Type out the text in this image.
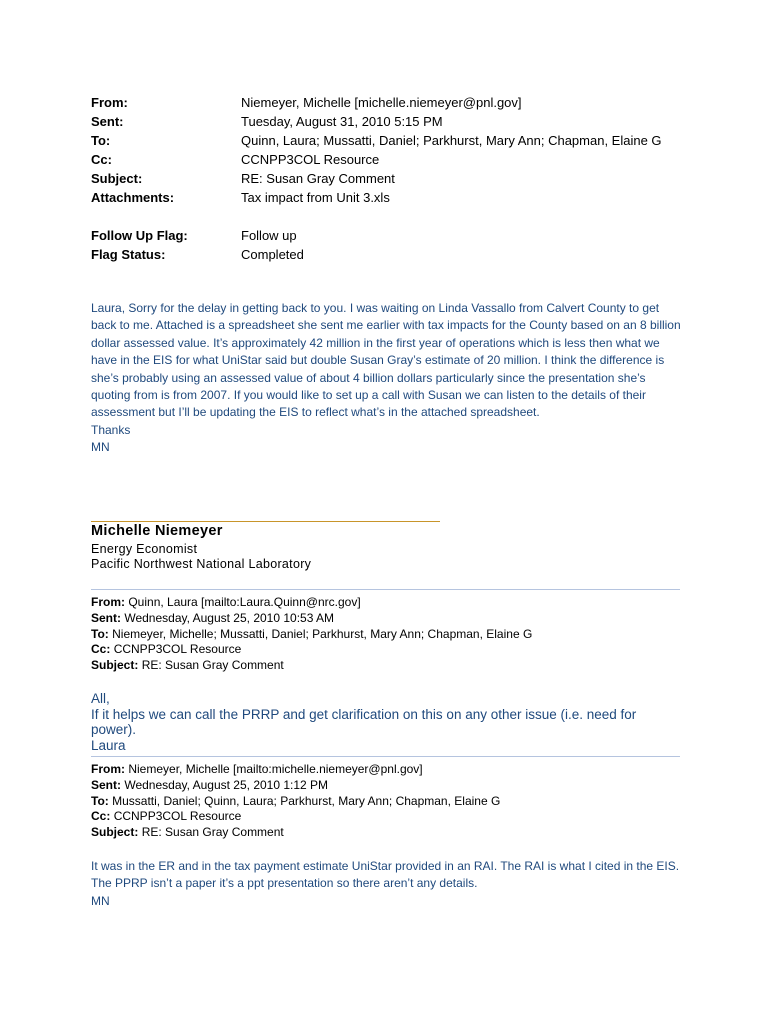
From:	Niemeyer, Michelle [michelle.niemeyer@pnl.gov]
Sent:	Tuesday, August 31, 2010 5:15 PM
To:	Quinn, Laura; Mussatti, Daniel; Parkhurst, Mary Ann; Chapman, Elaine G
Cc:	CCNPP3COL Resource
Subject:	RE: Susan Gray Comment
Attachments:	Tax impact from Unit 3.xls
Follow Up Flag:	Follow up
Flag Status:	Completed
Laura, Sorry for the delay in getting back to you. I was waiting on Linda Vassallo from Calvert County to get back to me. Attached is a spreadsheet she sent me earlier with tax impacts for the County based on an 8 billion dollar assessed value. It’s approximately 42 million in the first year of operations which is less then what we have in the EIS for what UniStar said but double Susan Gray’s estimate of 20 million. I think the difference is she’s probably using an assessed value of about 4 billion dollars particularly since the presentation she’s quoting from is from 2007. If you would like to set up a call with Susan we can listen to the details of their assessment but I’ll be updating the EIS to reflect what’s in the attached spreadsheet.
Thanks
MN
Michelle Niemeyer
Energy Economist
Pacific Northwest National Laboratory
From: Quinn, Laura [mailto:Laura.Quinn@nrc.gov]
Sent: Wednesday, August 25, 2010 10:53 AM
To: Niemeyer, Michelle; Mussatti, Daniel; Parkhurst, Mary Ann; Chapman, Elaine G
Cc: CCNPP3COL Resource
Subject: RE: Susan Gray Comment
All,
If it helps we can call the PRRP and get clarification on this on any other issue (i.e. need for power).
Laura
From: Niemeyer, Michelle [mailto:michelle.niemeyer@pnl.gov]
Sent: Wednesday, August 25, 2010 1:12 PM
To: Mussatti, Daniel; Quinn, Laura; Parkhurst, Mary Ann; Chapman, Elaine G
Cc: CCNPP3COL Resource
Subject: RE: Susan Gray Comment
It was in the ER and in the tax payment estimate UniStar provided in an RAI. The RAI is what I cited in the EIS. The PPRP isn’t a paper it’s a ppt presentation so there aren’t any details.
MN
